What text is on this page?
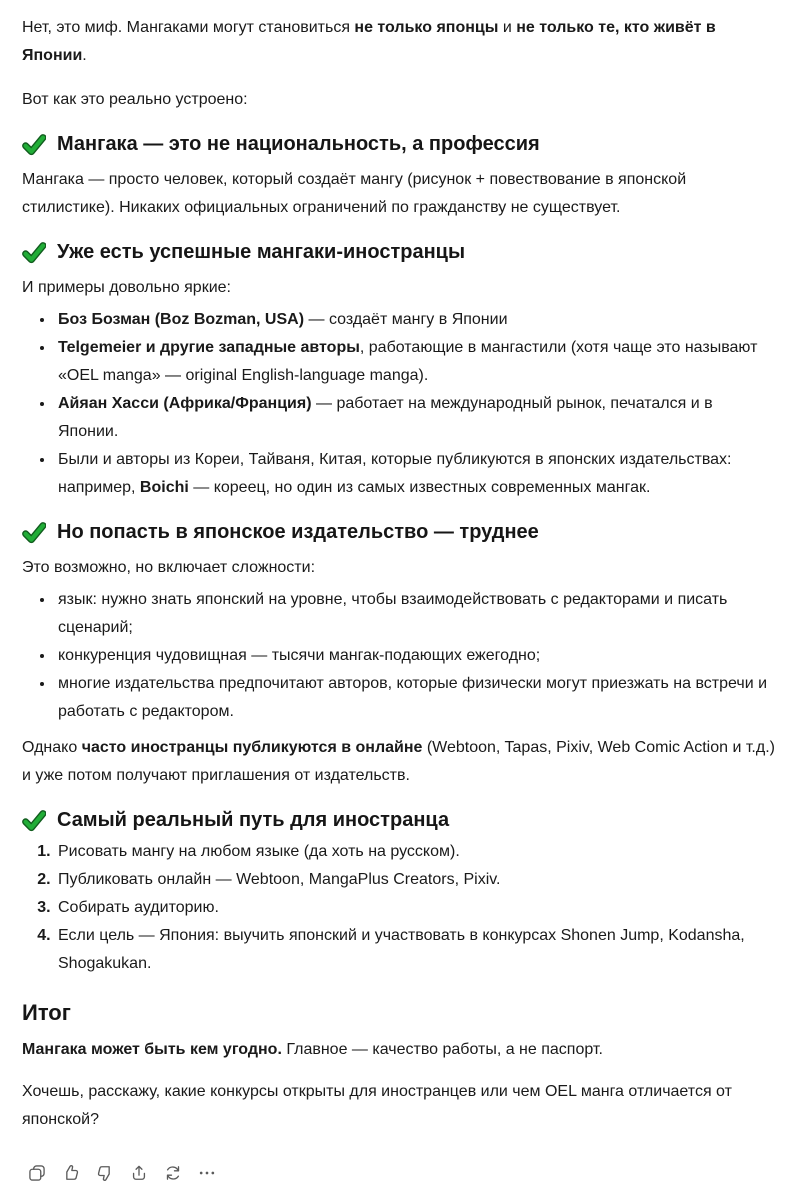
Нет, это миф. Мангаками могут становиться не только японцы и не только те, кто живёт в Японии.

Вот как это реально устроено:

Мангака — это не национальность, а профессия

Мангака — просто человек, который создаёт мангу (рисунок + повествование в японской стилистике). Никаких официальных ограничений по гражданству не существует.

Уже есть успешные мангаки-иностранцы

И примеры довольно яркие:

• Боз Бозман (Boz Bozman, USA) — создаёт мангу в Японии
• Telgemeier и другие западные авторы, работающие в мангастили (хотя чаще это называют «OEL manga» — original English-language manga).
• Айяан Хасси (Африка/Франция) — работает на международный рынок, печатался и в Японии.
• Были и авторы из Кореи, Тайваня, Китая, которые публикуются в японских издательствах: например, Boichi — кореец, но один из самых известных современных мангак.
Но попасть в японское издательство — труднее

Это возможно, но включает сложности:

• язык: нужно знать японский на уровне, чтобы взаимодействовать с редакторами и писать сценарий;
• конкуренция чудовищная — тысячи мангак-подающих ежегодно;
• многие издательства предпочитают авторов, которые физически могут приезжать на встречи и работать с редактором.

Однако часто иностранцы публикуются в онлайне (Webtoon, Tapas, Pixiv, Web Comic Action и т.д.) и уже потом получают приглашения от издательств.

Самый реальный путь для иностранца
1. Рисовать мангу на любом языке (да хоть на русском).
2. Публиковать онлайн — Webtoon, MangaPlus Creators, Pixiv.
3. Собирать аудиторию.
4. Если цель — Япония: выучить японский и участвовать в конкурсах Shonen Jump, Kodansha, Shogakukan.
Итог

Мангака может быть кем угодно. Главное — качество работы, а не паспорт.

Хочешь, расскажу, какие конкурсы открыты для иностранцев или чем OEL манга отличается от японской?
